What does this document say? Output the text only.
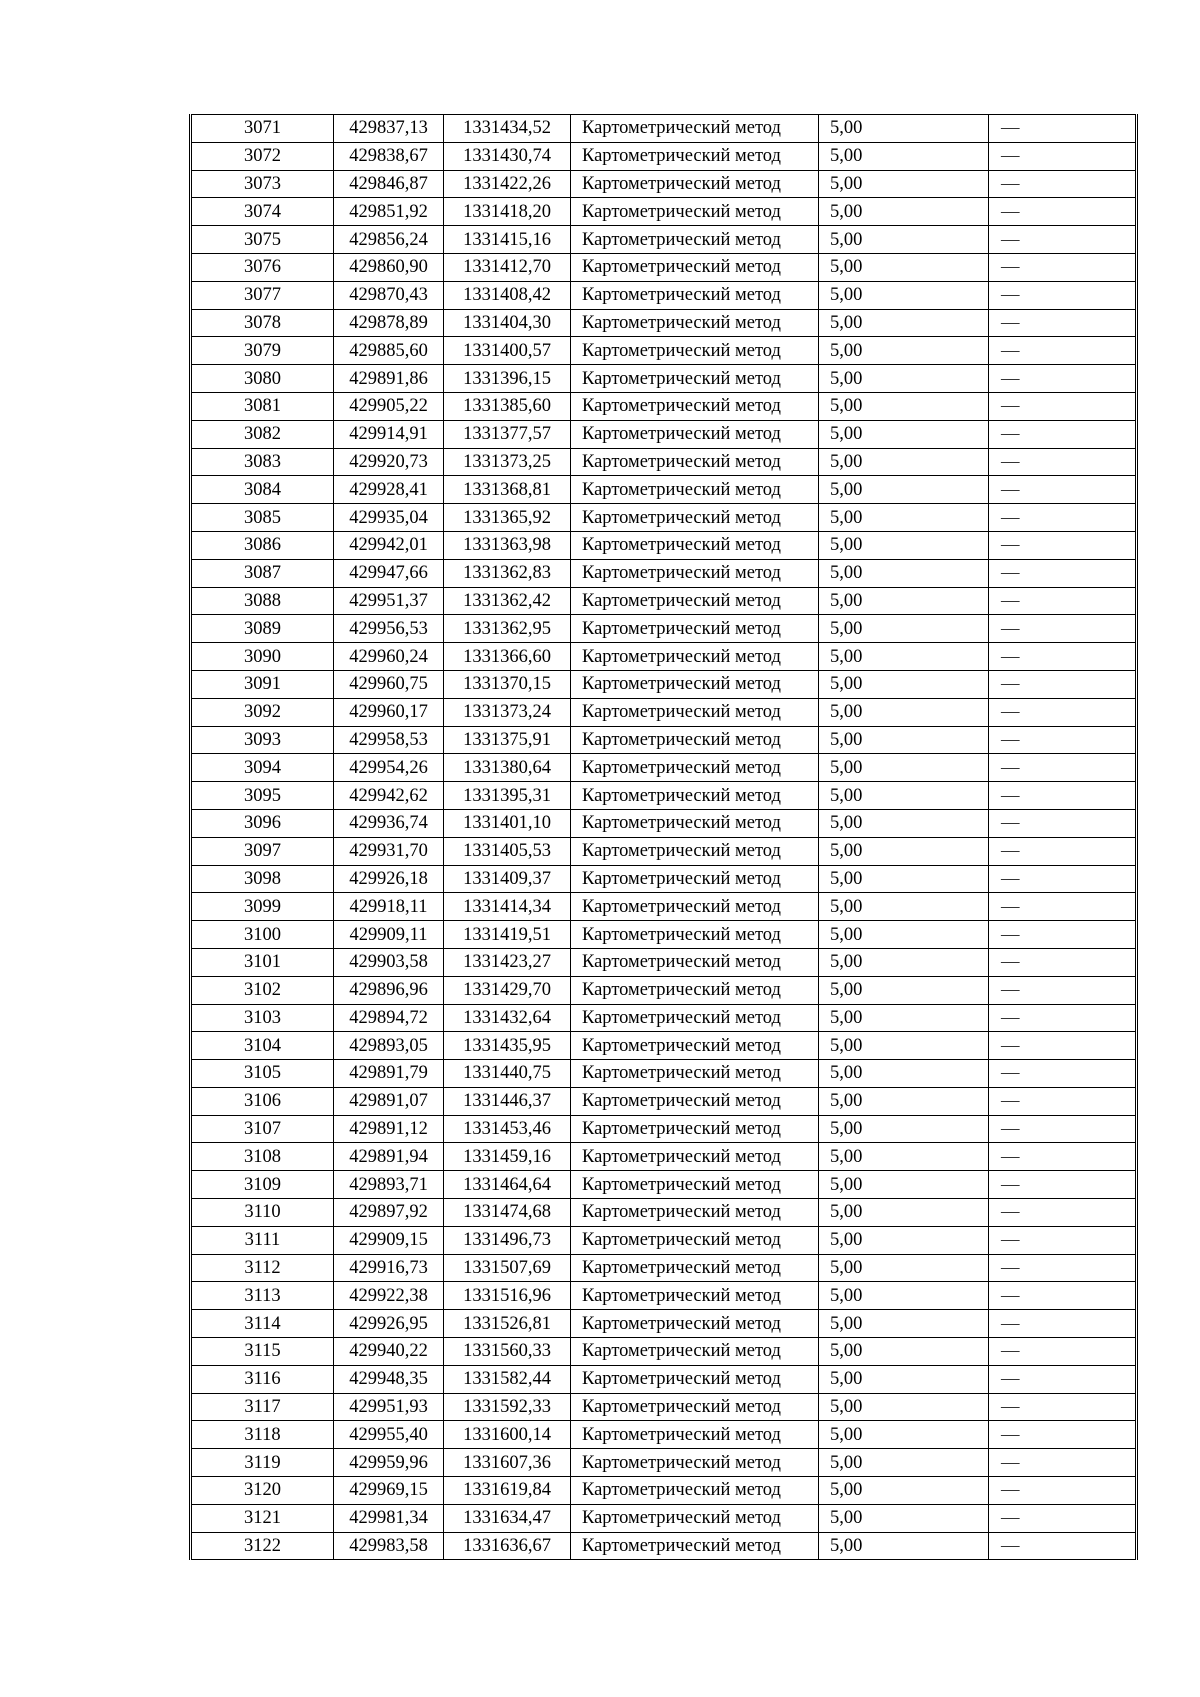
3071	429837,13	1331434,52	Картометрический метод	5,00	—
3072	429838,67	1331430,74	Картометрический метод	5,00	—
3073	429846,87	1331422,26	Картометрический метод	5,00	—
3074	429851,92	1331418,20	Картометрический метод	5,00	—
3075	429856,24	1331415,16	Картометрический метод	5,00	—
3076	429860,90	1331412,70	Картометрический метод	5,00	—
3077	429870,43	1331408,42	Картометрический метод	5,00	—
3078	429878,89	1331404,30	Картометрический метод	5,00	—
3079	429885,60	1331400,57	Картометрический метод	5,00	—
3080	429891,86	1331396,15	Картометрический метод	5,00	—
3081	429905,22	1331385,60	Картометрический метод	5,00	—
3082	429914,91	1331377,57	Картометрический метод	5,00	—
3083	429920,73	1331373,25	Картометрический метод	5,00	—
3084	429928,41	1331368,81	Картометрический метод	5,00	—
3085	429935,04	1331365,92	Картометрический метод	5,00	—
3086	429942,01	1331363,98	Картометрический метод	5,00	—
3087	429947,66	1331362,83	Картометрический метод	5,00	—
3088	429951,37	1331362,42	Картометрический метод	5,00	—
3089	429956,53	1331362,95	Картометрический метод	5,00	—
3090	429960,24	1331366,60	Картометрический метод	5,00	—
3091	429960,75	1331370,15	Картометрический метод	5,00	—
3092	429960,17	1331373,24	Картометрический метод	5,00	—
3093	429958,53	1331375,91	Картометрический метод	5,00	—
3094	429954,26	1331380,64	Картометрический метод	5,00	—
3095	429942,62	1331395,31	Картометрический метод	5,00	—
3096	429936,74	1331401,10	Картометрический метод	5,00	—
3097	429931,70	1331405,53	Картометрический метод	5,00	—
3098	429926,18	1331409,37	Картометрический метод	5,00	—
3099	429918,11	1331414,34	Картометрический метод	5,00	—
3100	429909,11	1331419,51	Картометрический метод	5,00	—
3101	429903,58	1331423,27	Картометрический метод	5,00	—
3102	429896,96	1331429,70	Картометрический метод	5,00	—
3103	429894,72	1331432,64	Картометрический метод	5,00	—
3104	429893,05	1331435,95	Картометрический метод	5,00	—
3105	429891,79	1331440,75	Картометрический метод	5,00	—
3106	429891,07	1331446,37	Картометрический метод	5,00	—
3107	429891,12	1331453,46	Картометрический метод	5,00	—
3108	429891,94	1331459,16	Картометрический метод	5,00	—
3109	429893,71	1331464,64	Картометрический метод	5,00	—
3110	429897,92	1331474,68	Картометрический метод	5,00	—
3111	429909,15	1331496,73	Картометрический метод	5,00	—
3112	429916,73	1331507,69	Картометрический метод	5,00	—
3113	429922,38	1331516,96	Картометрический метод	5,00	—
3114	429926,95	1331526,81	Картометрический метод	5,00	—
3115	429940,22	1331560,33	Картометрический метод	5,00	—
3116	429948,35	1331582,44	Картометрический метод	5,00	—
3117	429951,93	1331592,33	Картометрический метод	5,00	—
3118	429955,40	1331600,14	Картометрический метод	5,00	—
3119	429959,96	1331607,36	Картометрический метод	5,00	—
3120	429969,15	1331619,84	Картометрический метод	5,00	—
3121	429981,34	1331634,47	Картометрический метод	5,00	—
3122	429983,58	1331636,67	Картометрический метод	5,00	—
